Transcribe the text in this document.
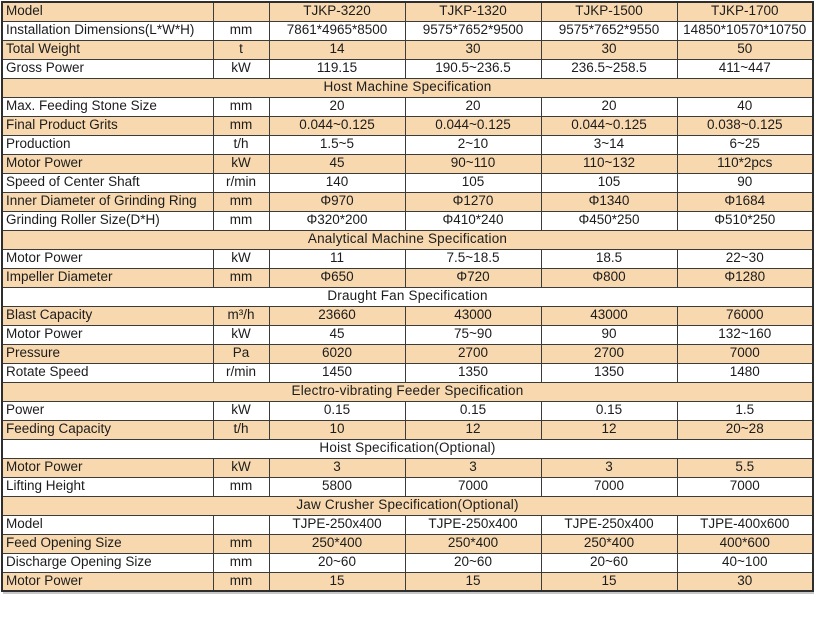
Model		TJKP-3220	TJKP-1320	TJKP-1500	TJKP-1700
Installation Dimensions(L*W*H)	mm	7861*4965*8500	9575*7652*9500	9575*7652*9550	14850*10570*10750
Total Weight	t	14	30	30	50
Gross Power	kW	119.15	190.5~236.5	236.5~258.5	411~447
Host Machine Specification					
Max. Feeding Stone Size	mm	20	20	20	40
Final Product Grits	mm	0.044~0.125	0.044~0.125	0.044~0.125	0.038~0.125
Production	t/h	1.5~5	2~10	3~14	6~25
Motor Power	kW	45	90~110	110~132	110*2pcs
Speed of Center Shaft	r/min	140	105	105	90
Inner Diameter of Grinding Ring	mm	Φ970	Φ1270	Φ1340	Φ1684
Grinding Roller Size(D*H)	mm	Φ320*200	Φ410*240	Φ450*250	Φ510*250
Analytical Machine Specification					
Motor Power	kW	11	7.5~18.5	18.5	22~30
Impeller Diameter	mm	Φ650	Φ720	Φ800	Φ1280
Draught Fan Specification					
Blast Capacity	m³/h	23660	43000	43000	76000
Motor Power	kW	45	75~90	90	132~160
Pressure	Pa	6020	2700	2700	7000
Rotate Speed	r/min	1450	1350	1350	1480
Electro-vibrating Feeder Specification					
Power	kW	0.15	0.15	0.15	1.5
Feeding Capacity	t/h	10	12	12	20~28
Hoist Specification(Optional)					
Motor Power	kW	3	3	3	5.5
Lifting Height	mm	5800	7000	7000	7000
Jaw Crusher Specification(Optional)					
Model		TJPE-250x400	TJPE-250x400	TJPE-250x400	TJPE-400x600
Feed Opening Size	mm	250*400	250*400	250*400	400*600
Discharge Opening Size	mm	20~60	20~60	20~60	40~100
Motor Power	mm	15	15	15	30
